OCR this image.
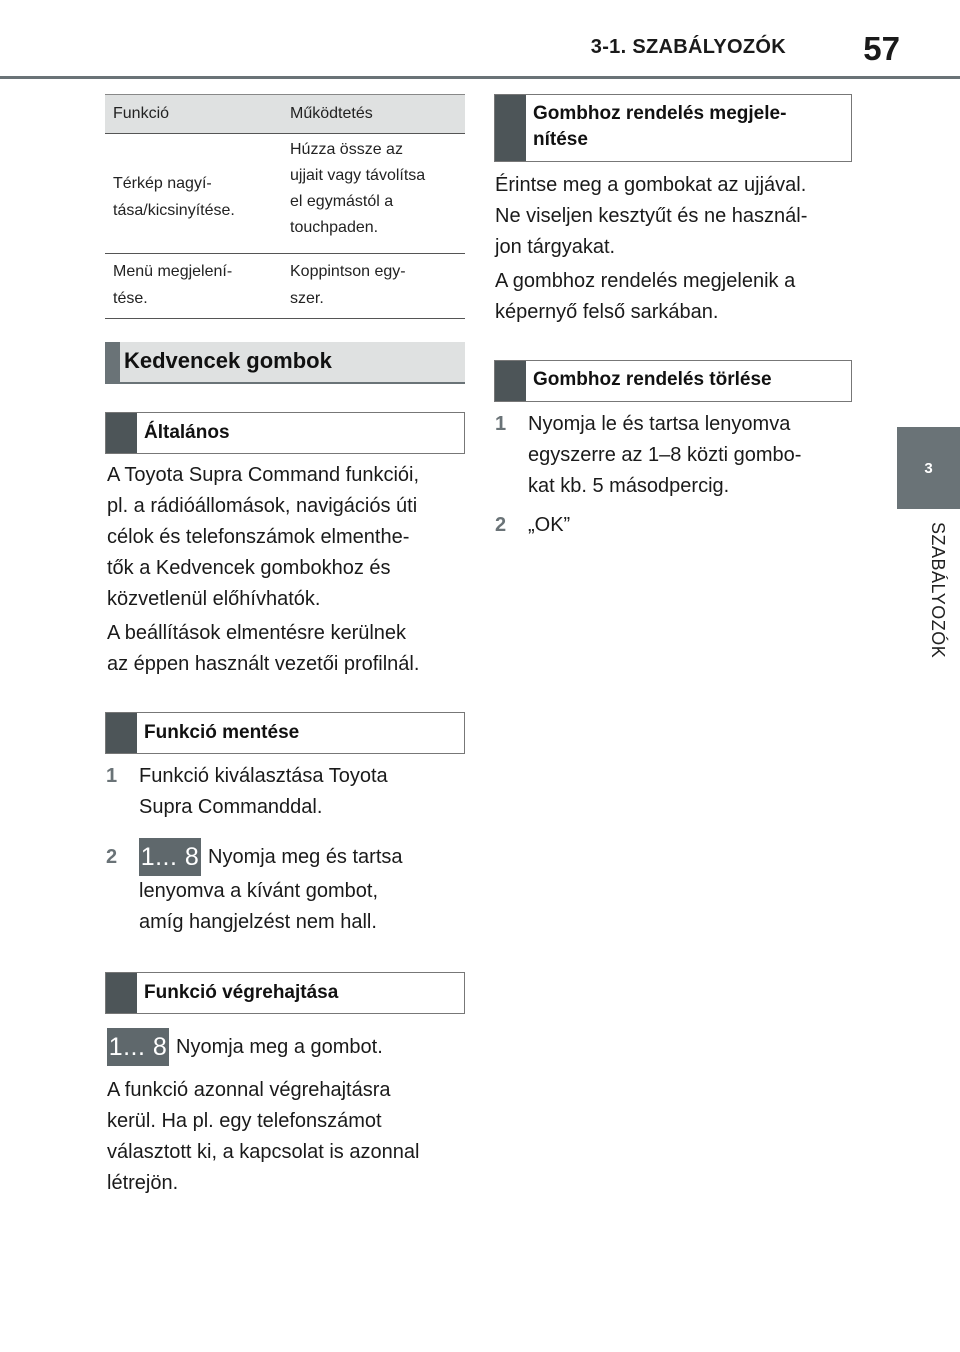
3-1. SZABÁLYOZÓK	57
3
SZABÁLYOZÓK
Funkció	Működtetés
Térkép nagyí-
tása/kicsinyítése.
Húzza össze az
ujjait vagy távolítsa
el egymástól a
touchpaden.
Menü megjelení-
tése.
Koppintson egy-
szer.
Kedvencek gombok
Általános
A Toyota Supra Command funkciói,
pl. a rádióállomások, navigációs úti
célok és telefonszámok elmenthe-
tők a Kedvencek gombokhoz és
közvetlenül előhívhatók.
A beállítások elmentésre kerülnek
az éppen használt vezetői profilnál.
Funkció mentése
1 Funkció kiválasztása Toyota
Supra Commanddal.
2 1... 8 Nyomja meg és tartsa
lenyomva a kívánt gombot,
amíg hangjelzést nem hall.
Funkció végrehajtása
1... 8 Nyomja meg a gombot.
A funkció azonnal végrehajtásra
kerül. Ha pl. egy telefonszámot
választott ki, a kapcsolat is azonnal
létrejön.
Gombhoz rendelés megjele-
nítése
Érintse meg a gombokat az ujjával.
Ne viseljen kesztyűt és ne használ-
jon tárgyakat.
A gombhoz rendelés megjelenik a
képernyő felső sarkában.
Gombhoz rendelés törlése
1 Nyomja le és tartsa lenyomva
egyszerre az 1–8 közti gombo-
kat kb. 5 másodpercig.
2 „OK”
